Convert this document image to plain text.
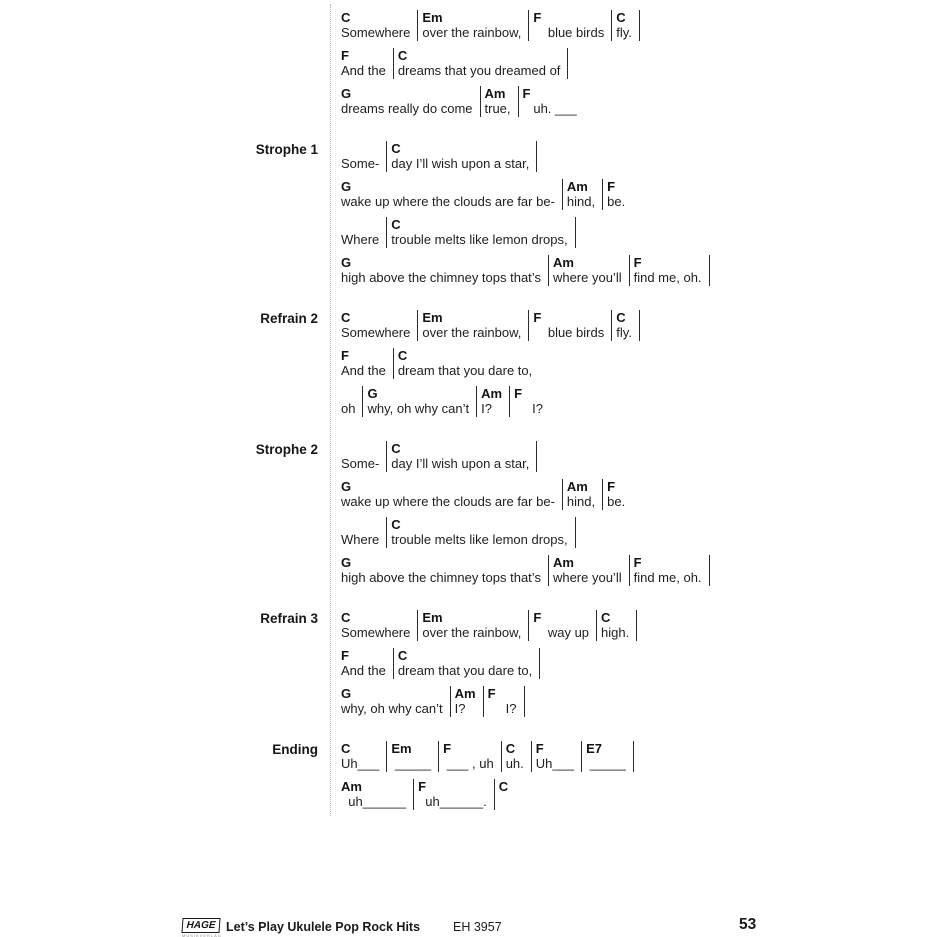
C
Somewhere
Em
over the rainbow,
F
blue birds
C
fly.
F
And the
C
dreams that you dreamed of
G
dreams really do come
Am
true,
F
uh. ___
Strophe 1
Some-
C
day I’ll wish upon a star,
G
wake up where the clouds are far be-
Am
hind,
F
be.
Where
C
trouble melts like lemon drops,
G
high above the chimney tops that’s
Am
where you’ll
F
find me, oh.
Refrain 2 C
Somewhere
Em
over the rainbow,
F
blue birds
C
fly.
F
And the
C
dream that you dare to,
oh
G
why, oh why can’t
Am
I?
F
I?
Strophe 2
Some-
C
day I’ll wish upon a star,
G
wake up where the clouds are far be-
Am
hind,
F
be.
Where
C
trouble melts like lemon drops,
G
high above the chimney tops that’s
Am
where you’ll
F
find me, oh.
Refrain 3 C
Somewhere
Em
over the rainbow,
F
way up
C
high.
F
And the
C
dream that you dare to,
G
why, oh why can’t
Am
I?
F
I?
Ending C
Uh___
Em
_____
F
___ , uh
C
uh.
F
Uh___
E7
_____
Am
uh______
F
uh______.
C
HAGE
MUSIKVERLAG
Let’s Play Ukulele Pop Rock Hits	EH 3957	53
